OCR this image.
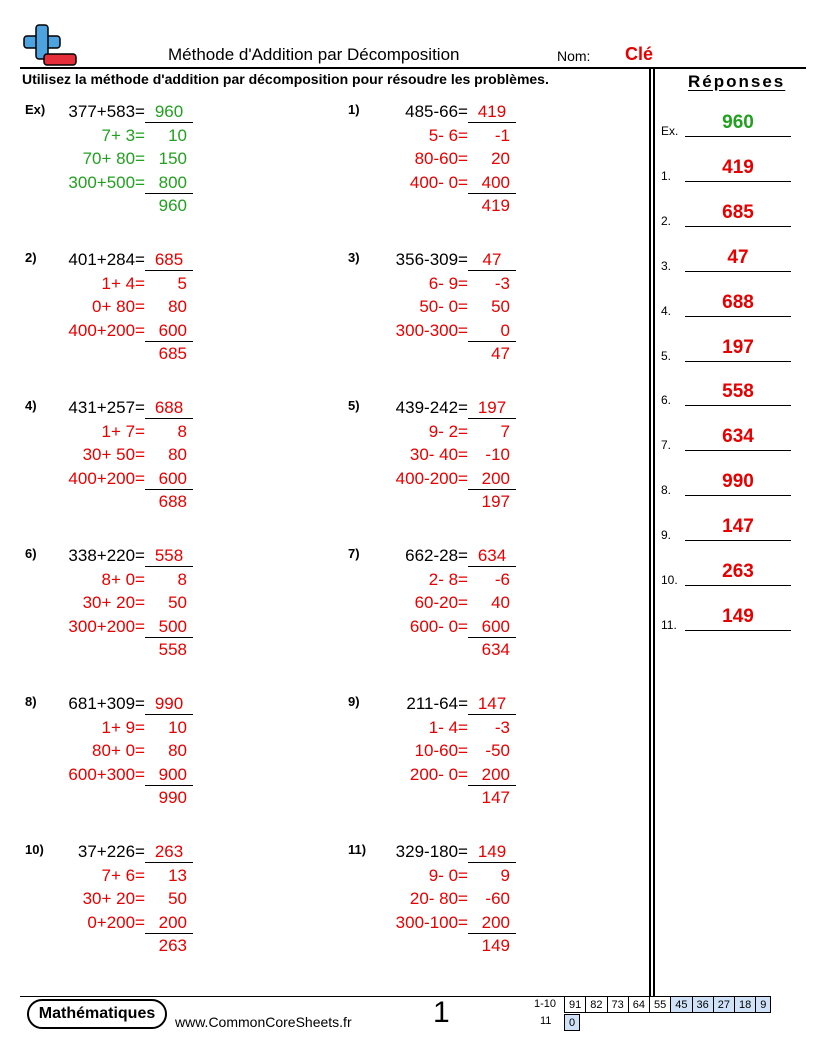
Méthode d'Addition par Décomposition	Nom: Clé
Utilisez la méthode d'addition par décomposition pour résoudre les problèmes.	Réponses
Ex) 377+583= 960
7+ 3=	10
70+ 80= 150
300+500= 800
960
1)	485-66= 419
5- 6=	-1
80-60=	20
400- 0= 400
419
2) 401+284= 685
1+ 4=	5
0+ 80=	80
400+200= 600
685
3) 356-309= 47
6- 9=	-3
50- 0=	50
300-300=	0
47
4) 431+257= 688
1+ 7=	8
30+ 50=	80
400+200= 600
688
5) 439-242= 197
9- 2=	7
30- 40=	-10
400-200= 200
197
6) 338+220= 558
8+ 0=	8
30+ 20=	50
300+200= 500
558
7)	662-28= 634
2- 8=	-6
60-20=	40
600- 0= 600
634
8) 681+309= 990
1+ 9=	10
80+ 0=	80
600+300= 900
990
9)	211-64= 147
1- 4=	-3
10-60=	-50
200- 0= 200
147
10) 37+226= 263
7+ 6=	13
30+ 20=	50
0+200= 200
263
11) 329-180= 149
9- 0=	9
20- 80=	-60
300-100= 200
149
Ex.	960
1.	419
2.	685
3.	47
4.	688
5.	197
6.	558
7.	634
8.	990
9.	147
10.	263
11.	149
Mathématiques	www.CommonCoreSheets.fr	1	1-10 91	82	73	64	55	45	36	27	18	9
11 0
